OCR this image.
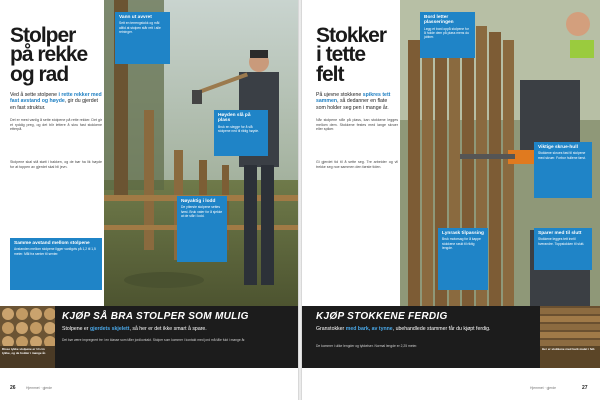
Stolper
på rekke
og rad
Ved å sette stolpene i rette rekker med fast avstand og høyde, gir du gjerdet en fast struktur.
Det er mest vanlig å sette stolpene på rette rekker. Det gir et ryddig preg, og det blir lettere å skru fast stokkene etterpå.
Stolpene skal stå støtt i bakken, og de bør ha lik høyde for at toppen av gjerdet skal bli jevn.
Vann ut avvret
Sett en terrengstokk og mål alltid at stolpen står rett i alle retninger.
Høyden slå på plass
Bruk en slegge for å slå stolpene ned til riktig høyde.
Nøyaktig i lodd
De ytterste stolpene settes først. Bruk vater for å sjekke at de står i lodd.
Samme avstand mellom stolpene
Avstanden mellom stolpene ligger vanligvis på 1,2 til 1,5 meter. Mål fra senter til senter.
Disse tykke stolpene er 14 cm tykke, og de holder i mange år.
KJØP SÅ BRA STOLPER SOM MULIG
Stolpene er gjerdets skjelett, så her er det ikke smart å spare.
Det bør være impregnert tre i en klasse som tåler jordkontakt. Stolper som kommer i kontakt med jord må tåle fukt i mange år.
26	Hjemmet · gjerde
Stokker
i tette
felt
På ujevne stokkene spikres tett sammen, så dedanner en flate som holder seg pen i mange år.
Når stolpene står på plass, kan stokkene legges mellom dem. Stokkene festes med lange skruer eller spiker.
Gi gjerdet tid til å sette seg. Tre arbeider og vil trekke seg noe sammen den første tiden.
Bord letter plasseringen
Legg et bord oppå stolpene for å holde dem på plass mens du jobber.
Viktige skrue-hull
Stokkene skrues fast til stolpene med skruer. Forbor hullene først.
Lynrask tilpassing
Bruk motorsag for å kappe stokkene raskt til riktig lengde.
Sparer med til slutt
Stokkene legges tett inntil hverandre. Toppstokken til slutt.
KJØP STOKKENE FERDIG
Granstokker med bark, av tynne, ubehandlede stammer får du kjøpt ferdig.
De kommer i ulike lengder og tykkelser. Normal lengde er 2,25 meter.
Her er stokkene med bark malet i felt.
Hjemmet · gjerde	27
